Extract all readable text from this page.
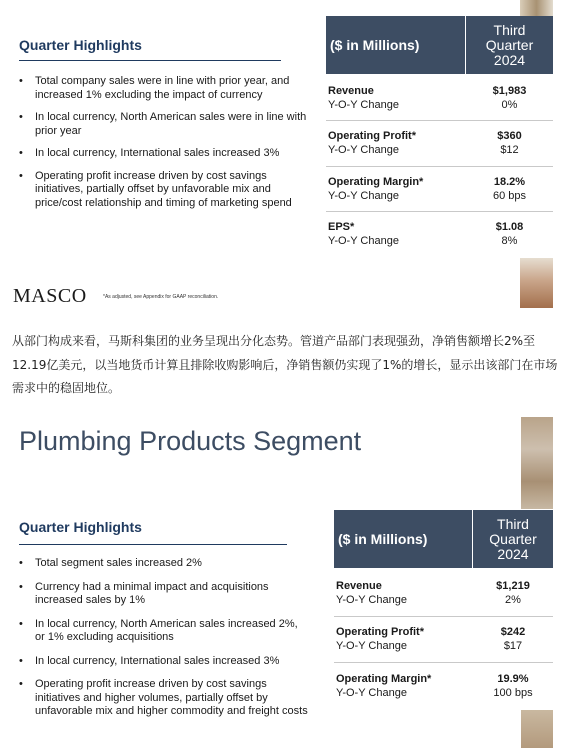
Quarter Highlights
• Total company sales were in line with prior year, and increased 1% excluding the impact of currency
• In local currency, North American sales were in line with prior year
• In local currency, International sales increased 3%
• Operating profit increase driven by cost savings initiatives, partially offset by unfavorable mix and price/cost relationship and timing of marketing spend
($ in Millions)
Third
Quarter
2024
Revenue
Y-O-Y Change
$1,983
0%
Operating Profit*
Y-O-Y Change
$360
$12
Operating Margin*
Y-O-Y Change
18.2%
60 bps
EPS*
Y-O-Y Change
$1.08
8%
MASCO	*As adjusted, see Appendix for GAAP reconciliation.
从部门构成来看，马斯科集团的业务呈现出分化态势。管道产品部门表现强劲，净销售额增长2%至12.19亿美元，以当地货币计算且排除收购影响后，净销售额仍实现了1%的增长，显示出该部门在市场需求中的稳固地位。
Plumbing Products Segment
Quarter Highlights
• Total segment sales increased 2%
• Currency had a minimal impact and acquisitions increased sales by 1%
• In local currency, North American sales increased 2%, or 1% excluding acquisitions
• In local currency, International sales increased 3%
• Operating profit increase driven by cost savings initiatives and higher volumes, partially offset by unfavorable mix and higher commodity and freight costs
($ in Millions)
Third
Quarter
2024
Revenue
Y-O-Y Change
$1,219
2%
Operating Profit*
Y-O-Y Change
$242
$17
Operating Margin*
Y-O-Y Change
19.9%
100 bps
